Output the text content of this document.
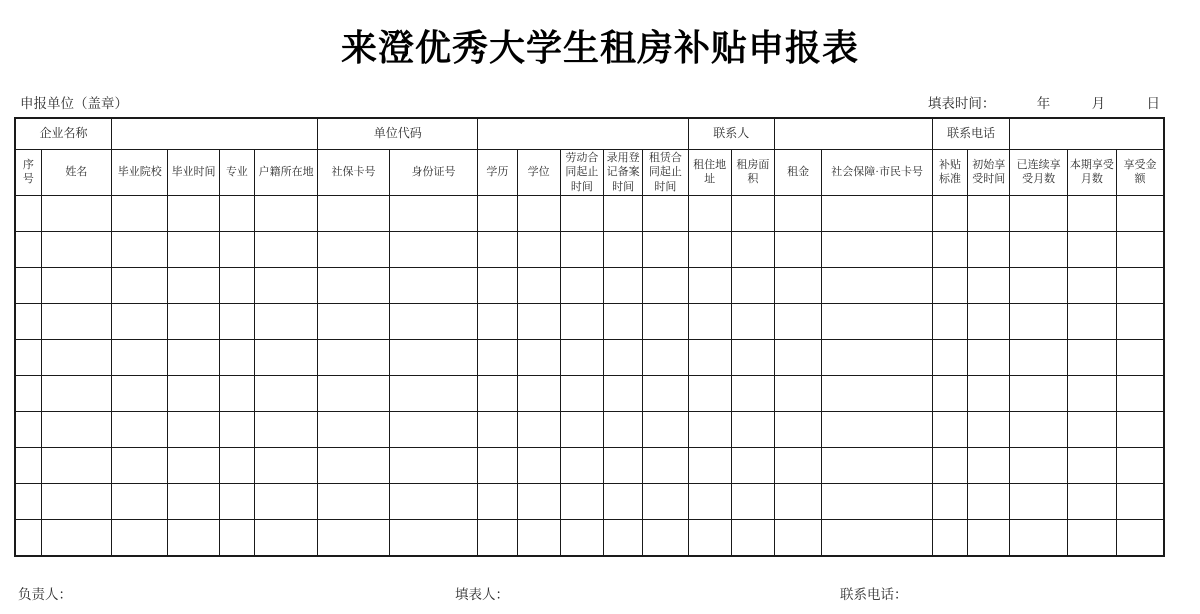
来澄优秀大学生租房补贴申报表
申报单位（盖章）	填表时间：	年	月	日
企业名称						单位代码							联系人				联系电话				
序号	姓名	毕业院校	毕业时间	专业	户籍所在地	社保卡号	身份证号	学历	学位	劳动合同起止时间	录用登记备案时间	租赁合同起止时间	租住地址	租房面积	租金	社会保障·市民卡号	补贴标准	初始享受时间	已连续享受月数	本期享受月数	享受金额

负责人：	填表人：	联系电话：
